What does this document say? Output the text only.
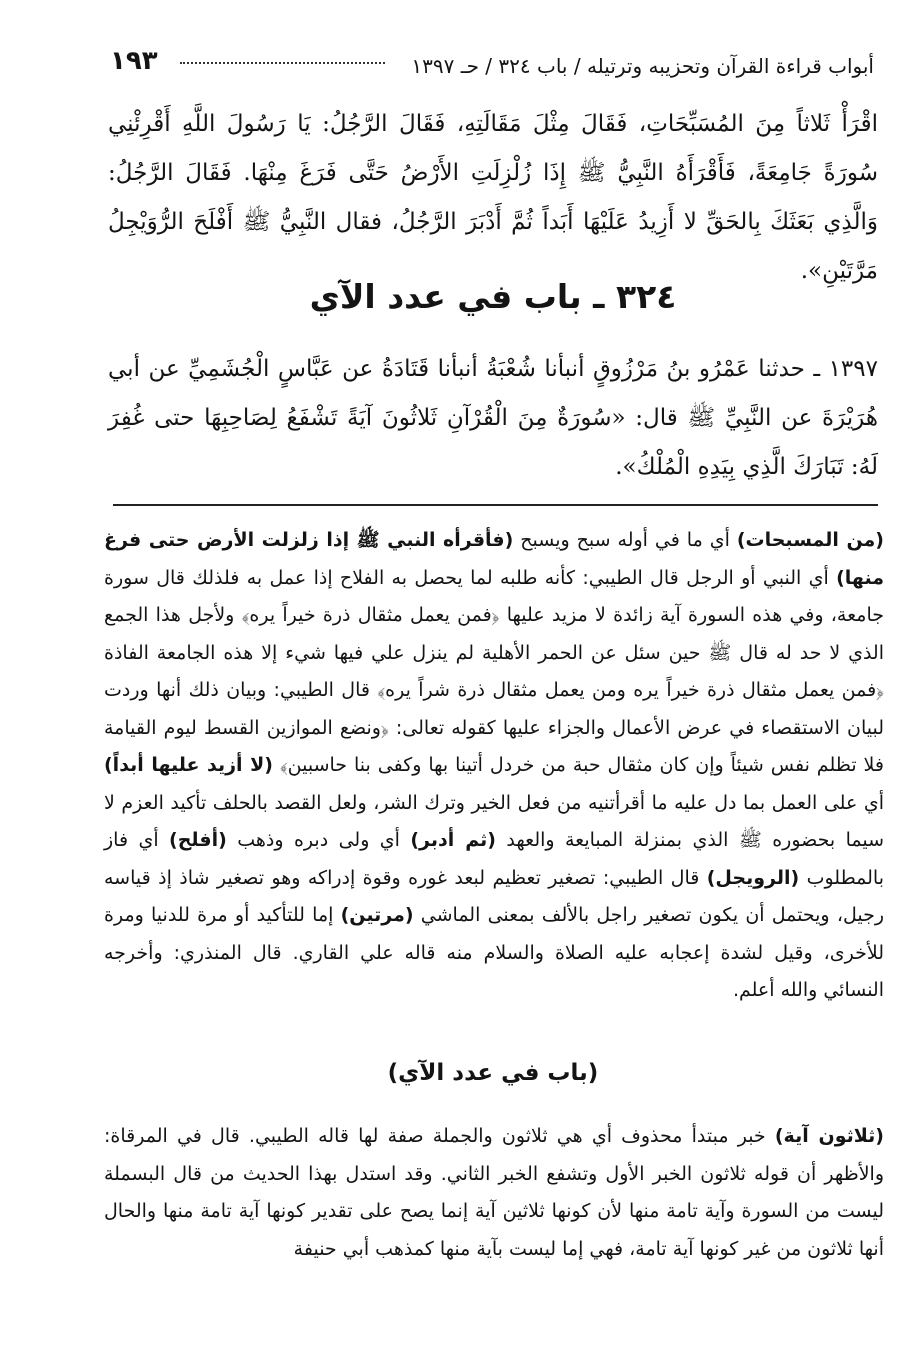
أبواب قراءة القرآن وتحزيبه وترتيله / باب ٣٢٤ / حـ ١٣٩٧
١٩٣
اقْرَأْ ثَلاثاً مِنَ المُسَبِّحَاتِ، فَقَالَ مِثْلَ مَقَالَتِهِ، فَقَالَ الرَّجُلُ: يَا رَسُولَ اللَّهِ أَقْرِئْنِي سُورَةً جَامِعَةً، فَأَقْرَأَهُ النَّبِيُّ ﷺ إِذَا زُلْزِلَتِ الأَرْضُ حَتَّى فَرَغَ مِنْهَا. فَقَالَ الرَّجُلُ: وَالَّذِي بَعَثَكَ بِالحَقِّ لا أَزِيدُ عَلَيْهَا أَبَداً ثُمَّ أَدْبَرَ الرَّجُلُ، فقال النَّبِيُّ ﷺ أَفْلَحَ الرُّوَيْجِلُ مَرَّتَيْنِ».
٣٢٤ ـ باب في عدد الآي
١٣٩٧ ـ حدثنا عَمْرُو بنُ مَرْزُوقٍ أنبأنا شُعْبَةُ أنبأنا قَتَادَةُ عن عَبَّاسٍ الْجُشَمِيِّ عن أبي هُرَيْرَةَ عن النَّبِيِّ ﷺ قال: «سُورَةٌ مِنَ الْقُرْآنِ ثَلاثُونَ آيَةً تَشْفَعُ لِصَاحِبِهَا حتى غُفِرَ لَهُ: تَبَارَكَ الَّذِي بِيَدِهِ الْمُلْكُ».
(من المسبحات) أي ما في أوله سبح ويسبح (فأقرأه النبي ﷺ إذا زلزلت الأرض حتى فرغ منها) أي النبي أو الرجل قال الطيبي: كأنه طلبه لما يحصل به الفلاح إذا عمل به فلذلك قال سورة جامعة، وفي هذه السورة آية زائدة لا مزيد عليها ﴿فمن يعمل مثقال ذرة خيراً يره﴾ ولأجل هذا الجمع الذي لا حد له قال ﷺ حين سئل عن الحمر الأهلية لم ينزل علي فيها شيء إلا هذه الجامعة الفاذة ﴿فمن يعمل مثقال ذرة خيراً يره ومن يعمل مثقال ذرة شراً يره﴾ قال الطيبي: وبيان ذلك أنها وردت لبيان الاستقصاء في عرض الأعمال والجزاء عليها كقوله تعالى: ﴿ونضع الموازين القسط ليوم القيامة فلا تظلم نفس شيئاً وإن كان مثقال حبة من خردل أتينا بها وكفى بنا حاسبين﴾ (لا أزيد عليها أبداً) أي على العمل بما دل عليه ما أقرأتنيه من فعل الخير وترك الشر، ولعل القصد بالحلف تأكيد العزم لا سيما بحضوره ﷺ الذي بمنزلة المبايعة والعهد (ثم أدبر) أي ولى دبره وذهب (أفلح) أي فاز بالمطلوب (الرويجل) قال الطيبي: تصغير تعظيم لبعد غوره وقوة إدراكه وهو تصغير شاذ إذ قياسه رجيل، ويحتمل أن يكون تصغير راجل بالألف بمعنى الماشي (مرتين) إما للتأكيد أو مرة للدنيا ومرة للأخرى، وقيل لشدة إعجابه عليه الصلاة والسلام منه قاله علي القاري. قال المنذري: وأخرجه النسائي والله أعلم.
(باب في عدد الآي)
(ثلاثون آية) خبر مبتدأ محذوف أي هي ثلاثون والجملة صفة لها قاله الطيبي. قال في المرقاة: والأظهر أن قوله ثلاثون الخبر الأول وتشفع الخبر الثاني. وقد استدل بهذا الحديث من قال البسملة ليست من السورة وآية تامة منها لأن كونها ثلاثين آية إنما يصح على تقدير كونها آية تامة منها والحال أنها ثلاثون من غير كونها آية تامة، فهي إما ليست بآية منها كمذهب أبي حنيفة
